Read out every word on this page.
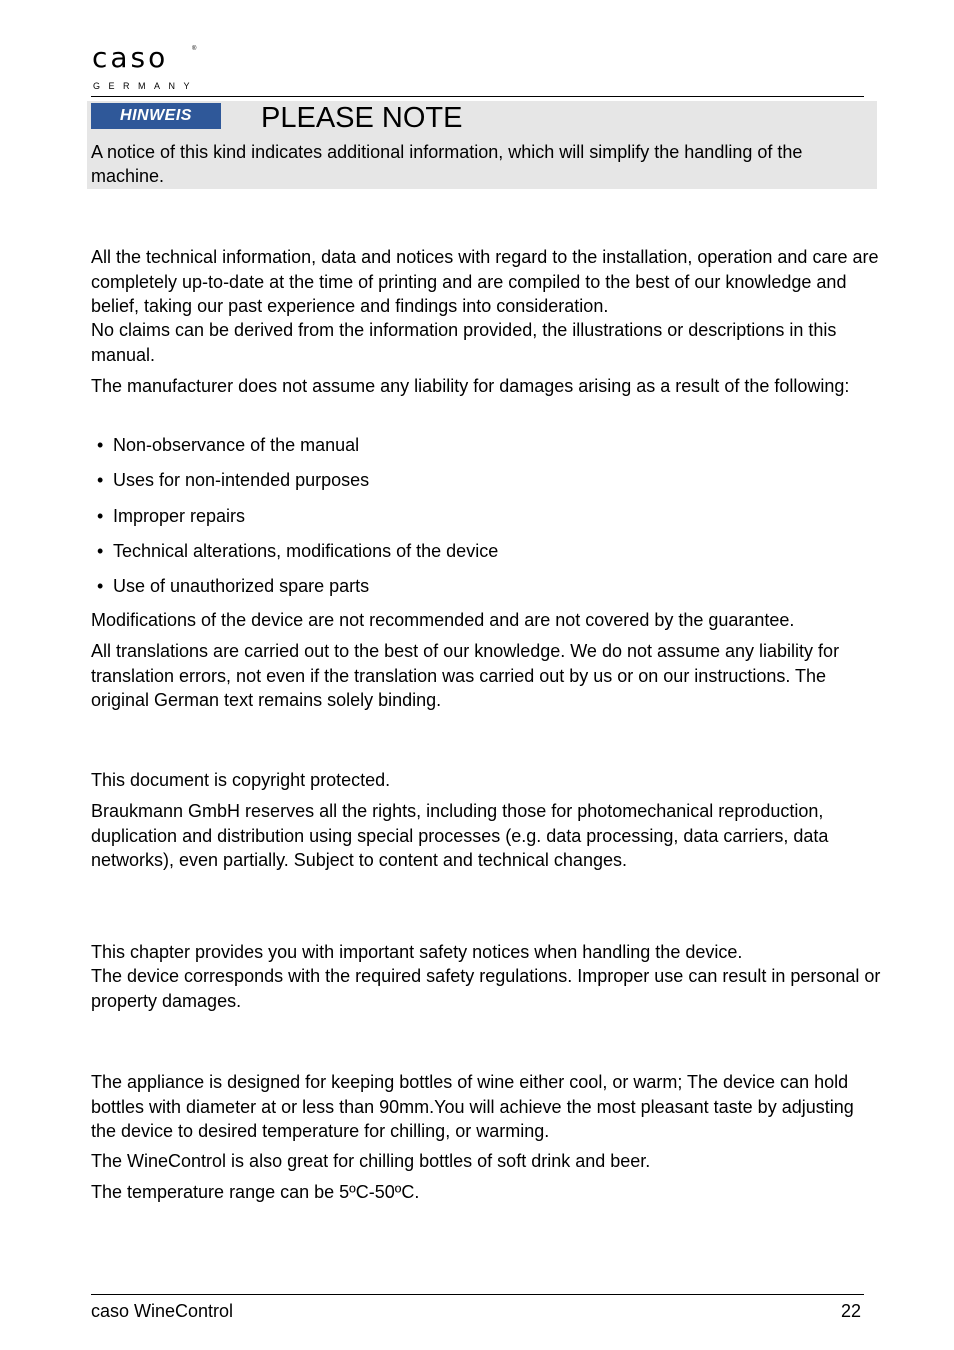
caso	®
GERMANY
HINWEIS	PLEASE NOTE
A notice of this kind indicates additional information, which will simplify the handling of the machine.

All the technical information, data and notices with regard to the installation, operation and care are completely up-to-date at the time of printing and are compiled to the best of our knowledge and belief, taking our past experience and findings into consideration.

No claims can be derived from the information provided, the illustrations or descriptions in this manual.

The manufacturer does not assume any liability for damages arising as a result of the following:

• Non-observance of the manual
• Uses for non-intended purposes
• Improper repairs
• Technical alterations, modifications of the device
• Use of unauthorized spare parts

Modifications of the device are not recommended and are not covered by the guarantee.

All translations are carried out to the best of our knowledge. We do not assume any liability for translation errors, not even if the translation was carried out by us or on our instructions. The original German text remains solely binding.

This document is copyright protected.

Braukmann GmbH reserves all the rights, including those for photomechanical reproduction, duplication and distribution using special processes (e.g. data processing, data carriers, data networks), even partially. Subject to content and technical changes.

This chapter provides you with important safety notices when handling the device.

The device corresponds with the required safety regulations. Improper use can result in personal or property damages.

The appliance is designed for keeping bottles of wine either cool, or warm; The device can hold bottles with diameter at or less than 90mm.You will achieve the most pleasant taste by adjusting the device to desired temperature for chilling, or warming.

The WineControl is also great for chilling bottles of soft drink and beer.

The temperature range can be 5ºC-50ºC.

caso WineControl	22
